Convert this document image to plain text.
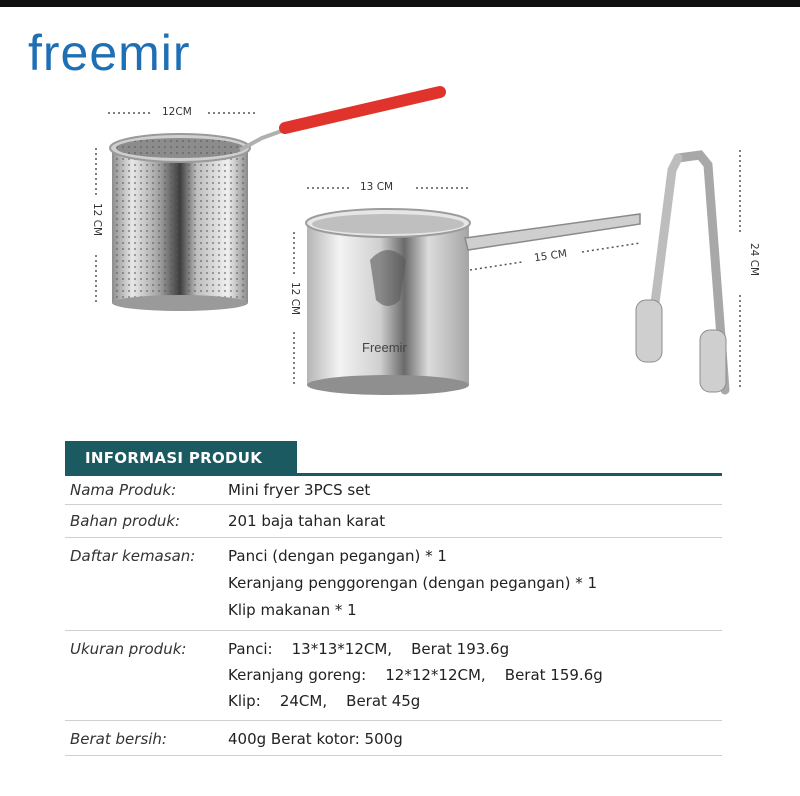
freemir
Freemir
12CM
12 CM
13 CM
12 CM
15 CM	24 CM
INFORMASI PRODUK
Nama Produk:	Mini fryer 3PCS set
Bahan produk:	201 baja tahan karat
Daftar kemasan: Panci (dengan pegangan) * 1
Keranjang penggorengan (dengan pegangan) * 1
Klip makanan * 1
Ukuran produk:	Panci:    13*13*12CM,    Berat 193.6g
Keranjang goreng:    12*12*12CM,    Berat 159.6g
Klip:    24CM,    Berat 45g
Berat bersih:	400g Berat kotor: 500g
